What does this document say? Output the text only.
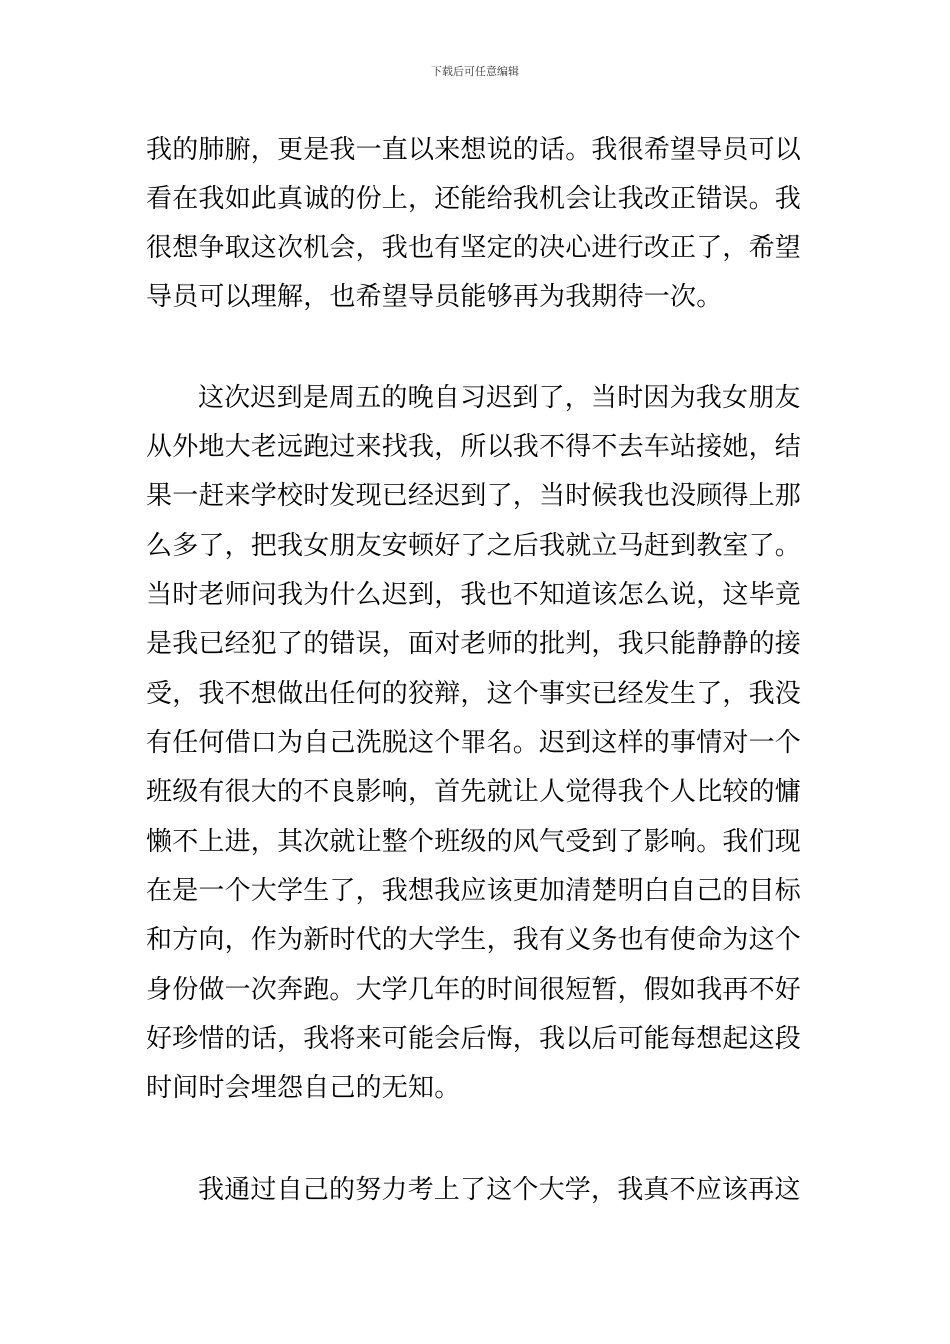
下载后可任意编辑
我的肺腑，更是我一直以来想说的话。我很希望导员可以
看在我如此真诚的份上，还能给我机会让我改正错误。我
很想争取这次机会，我也有坚定的决心进行改正了，希望
导员可以理解，也希望导员能够再为我期待一次。
这次迟到是周五的晚自习迟到了，当时因为我女朋友
从外地大老远跑过来找我，所以我不得不去车站接她，结
果一赶来学校时发现已经迟到了，当时候我也没顾得上那
么多了，把我女朋友安顿好了之后我就立马赶到教室了。
当时老师问我为什么迟到，我也不知道该怎么说，这毕竟
是我已经犯了的错误，面对老师的批判，我只能静静的接
受，我不想做出任何的狡辩，这个事实已经发生了，我没
有任何借口为自己洗脱这个罪名。迟到这样的事情对一个
班级有很大的不良影响，首先就让人觉得我个人比较的慵
懒不上进，其次就让整个班级的风气受到了影响。我们现
在是一个大学生了，我想我应该更加清楚明白自己的目标
和方向，作为新时代的大学生，我有义务也有使命为这个
身份做一次奔跑。大学几年的时间很短暂，假如我再不好
好珍惜的话，我将来可能会后悔，我以后可能每想起这段
时间时会埋怨自己的无知。
我通过自己的努力考上了这个大学，我真不应该再这
